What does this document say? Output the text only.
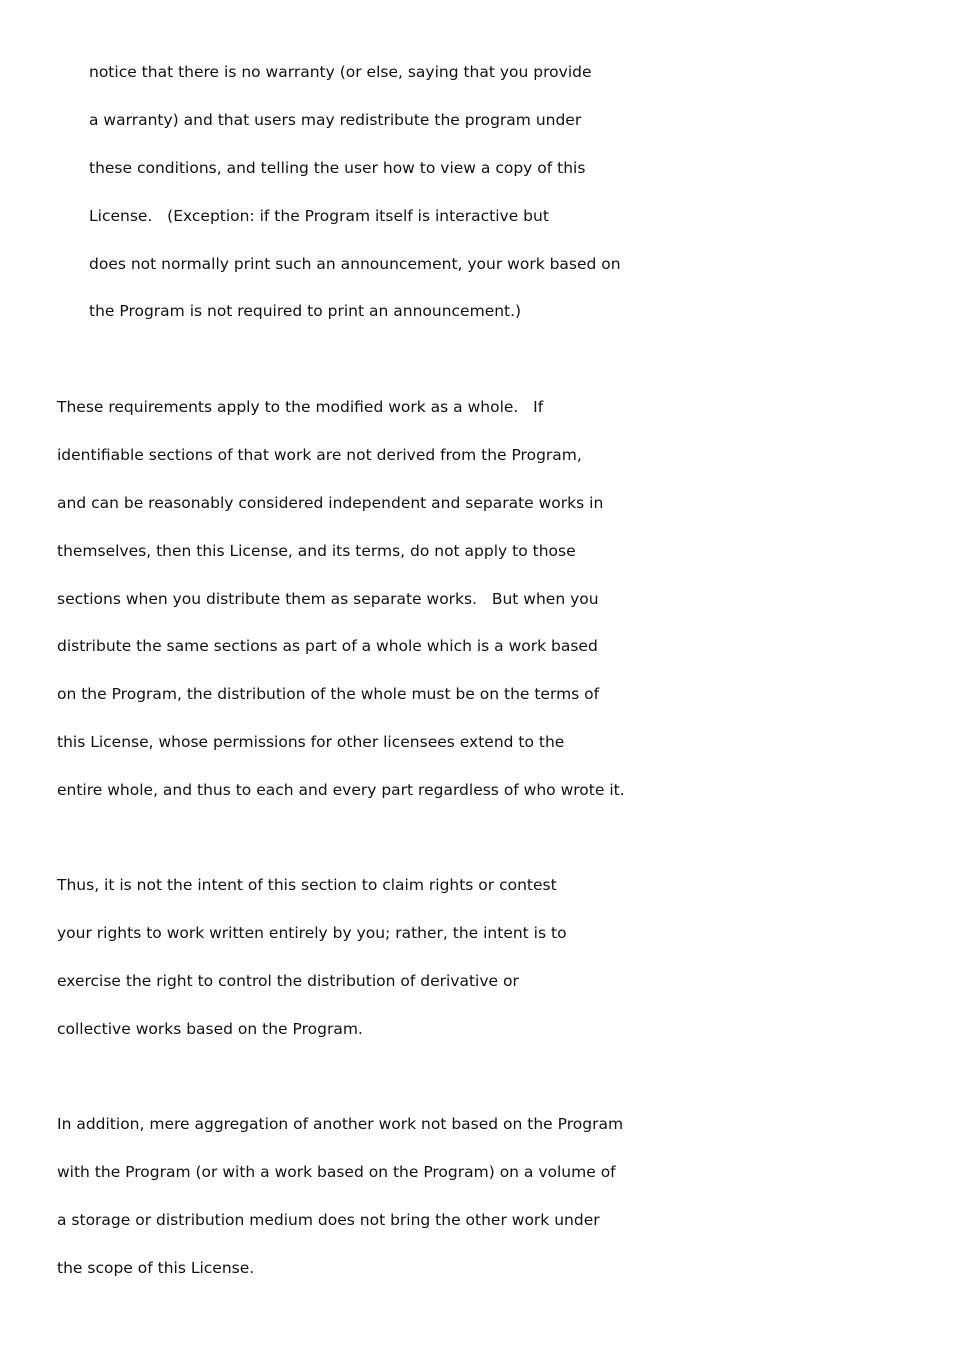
notice that there is no warranty (or else, saying that you provide
a warranty) and that users may redistribute the program under
these conditions, and telling the user how to view a copy of this
License.   (Exception: if the Program itself is interactive but
does not normally print such an announcement, your work based on
the Program is not required to print an announcement.)
These requirements apply to the modified work as a whole.   If
identifiable sections of that work are not derived from the Program,
and can be reasonably considered independent and separate works in
themselves, then this License, and its terms, do not apply to those
sections when you distribute them as separate works.   But when you
distribute the same sections as part of a whole which is a work based
on the Program, the distribution of the whole must be on the terms of
this License, whose permissions for other licensees extend to the
entire whole, and thus to each and every part regardless of who wrote it.
Thus, it is not the intent of this section to claim rights or contest
your rights to work written entirely by you; rather, the intent is to
exercise the right to control the distribution of derivative or
collective works based on the Program.
In addition, mere aggregation of another work not based on the Program
with the Program (or with a work based on the Program) on a volume of
a storage or distribution medium does not bring the other work under
the scope of this License.
